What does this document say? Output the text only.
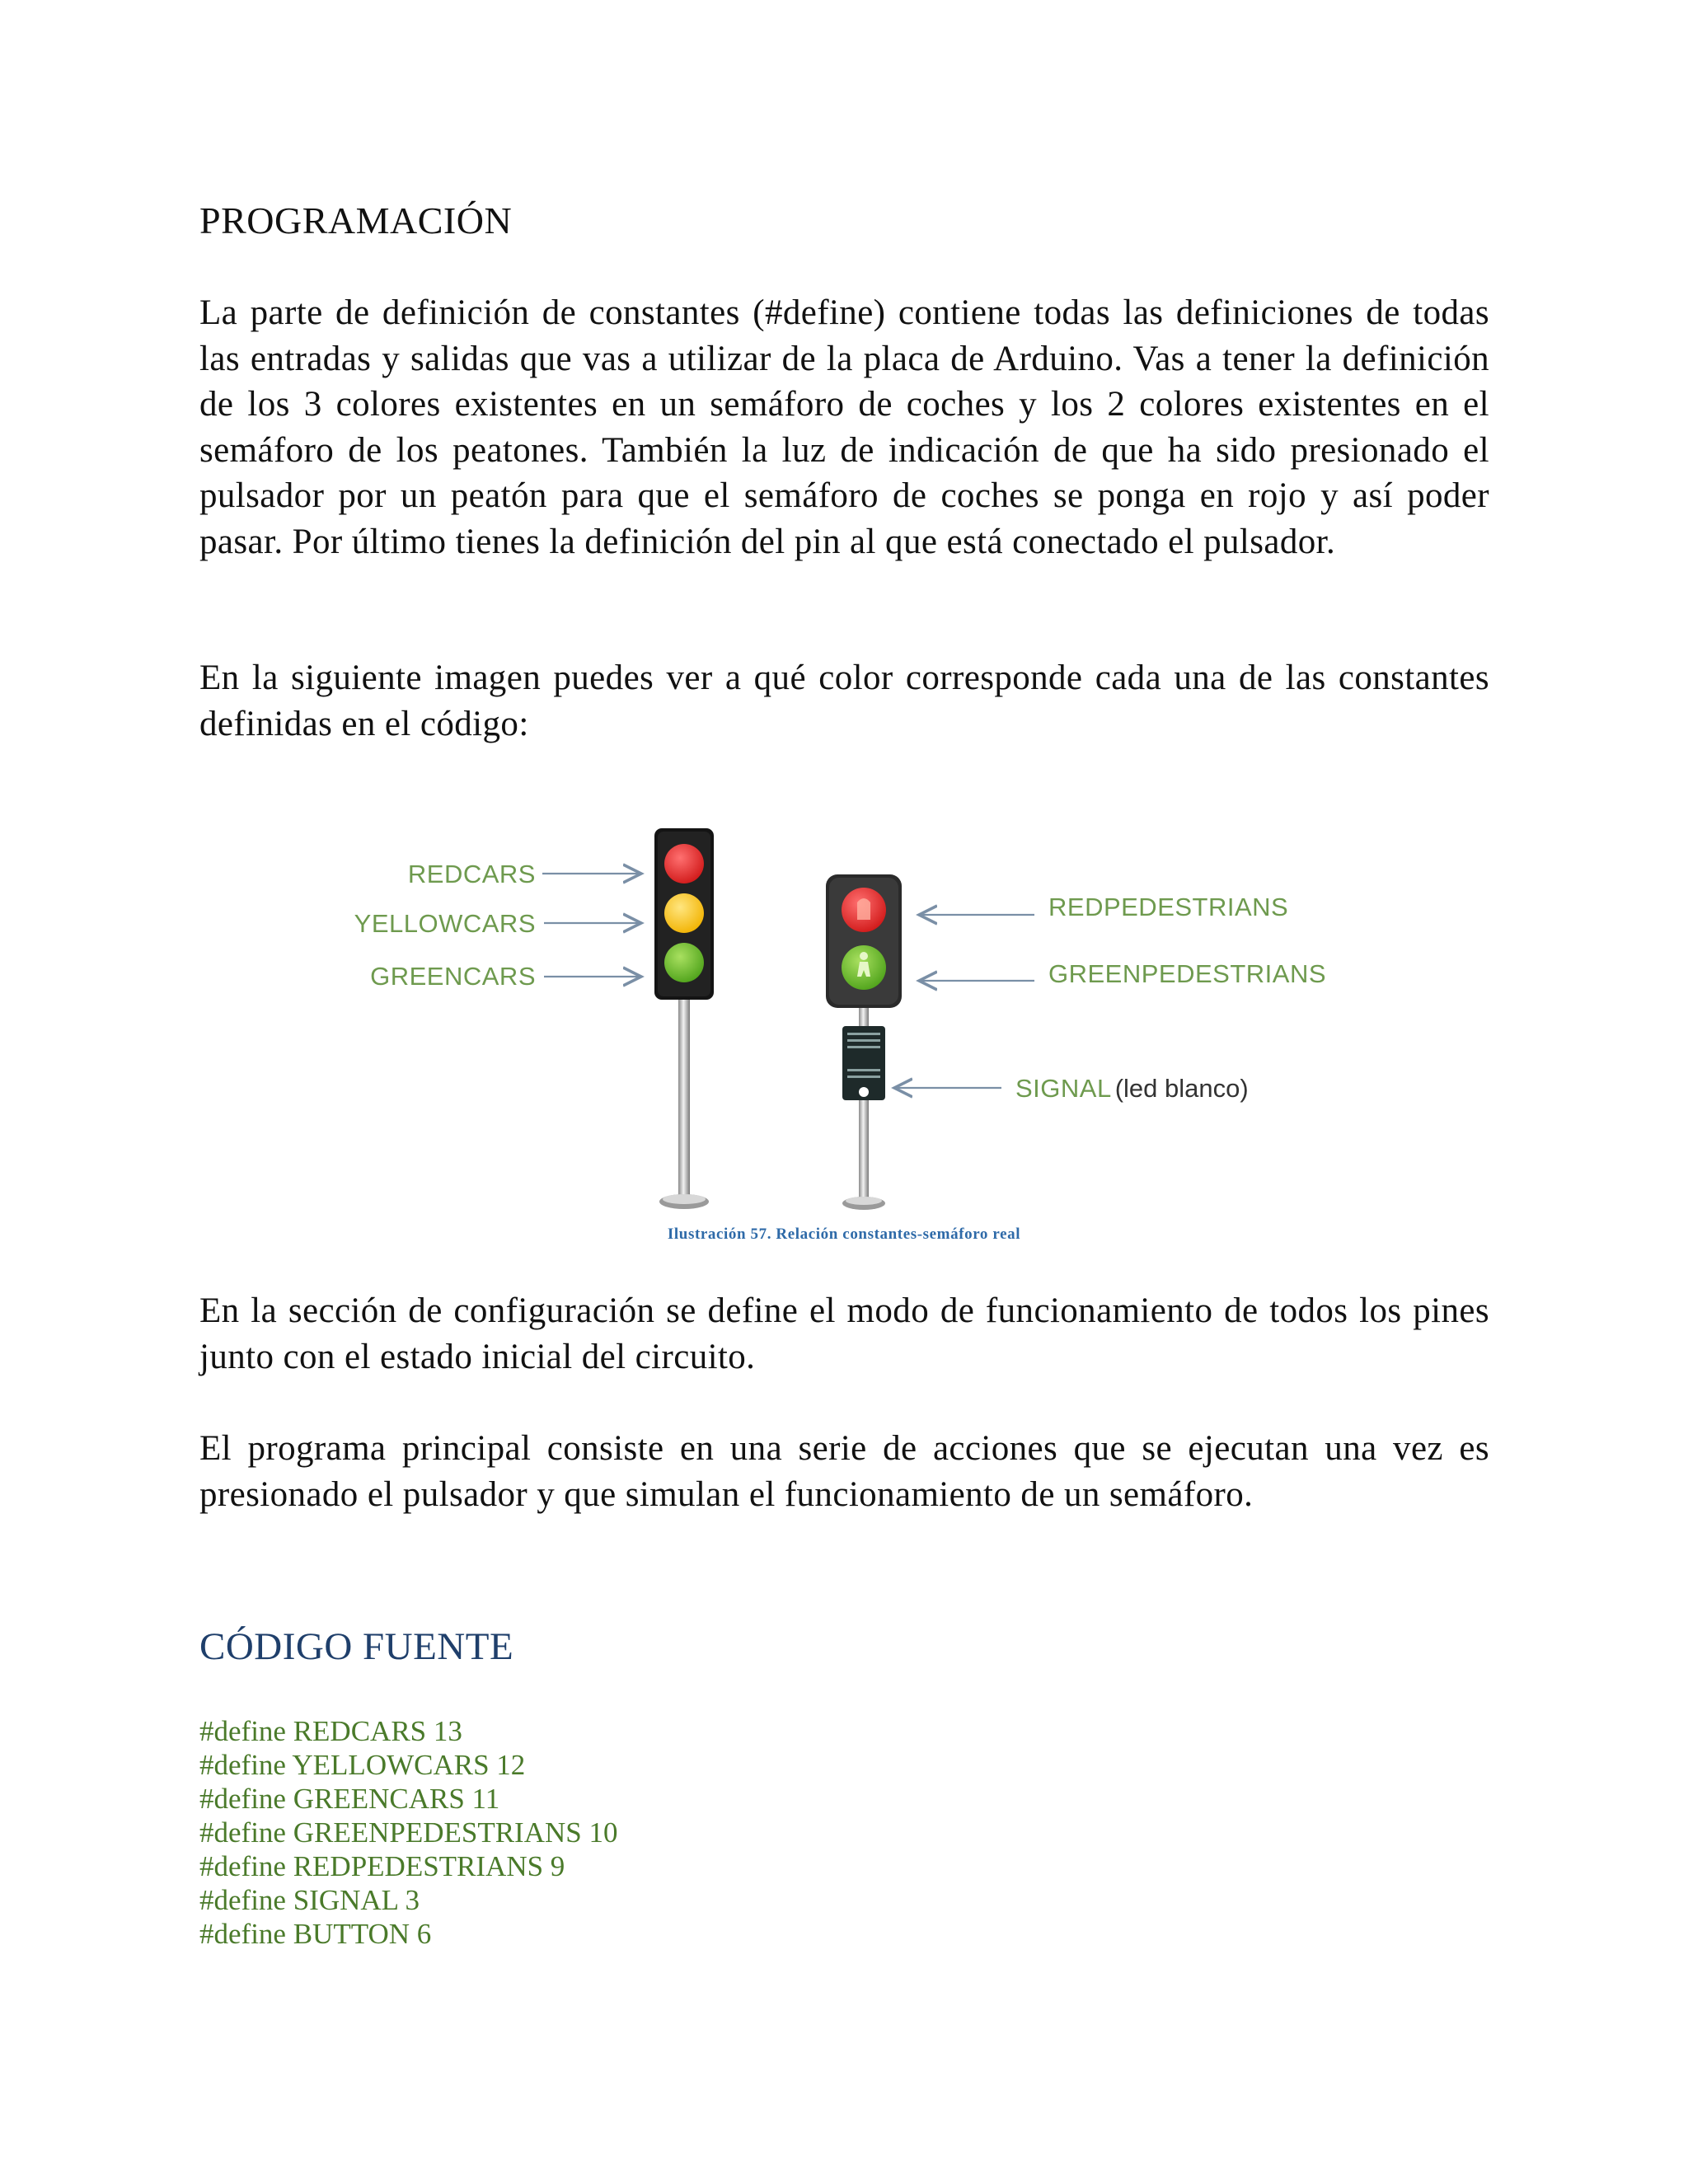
PROGRAMACIÓN

La parte de definición de constantes (#define) contiene todas las definiciones de todas las entradas y salidas que vas a utilizar de la placa de Arduino. Vas a tener la definición de los 3 colores existentes en un semáforo de coches y los 2 colores existentes en el semáforo de los peatones. También la luz de indicación de que ha sido presionado el pulsador por un peatón para que el semáforo de coches se ponga en rojo y así poder pasar. Por último tienes la definición del pin al que está conectado el pulsador.

En la siguiente imagen puedes ver a qué color corresponde cada una de las constantes definidas en el código:

REDCARS
YELLOWCARS
GREENCARS
REDPEDESTRIANS
GREENPEDESTRIANS
SIGNAL (led blanco)
Ilustración 57. Relación constantes-semáforo real

En la sección de configuración se define el modo de funcionamiento de todos los pines junto con el estado inicial del circuito.

El programa principal consiste en una serie de acciones que se ejecutan una vez es presionado el pulsador y que simulan el funcionamiento de un semáforo.

CÓDIGO FUENTE
#define REDCARS 13
#define YELLOWCARS 12
#define GREENCARS 11
#define GREENPEDESTRIANS 10
#define REDPEDESTRIANS 9
#define SIGNAL 3
#define BUTTON 6
